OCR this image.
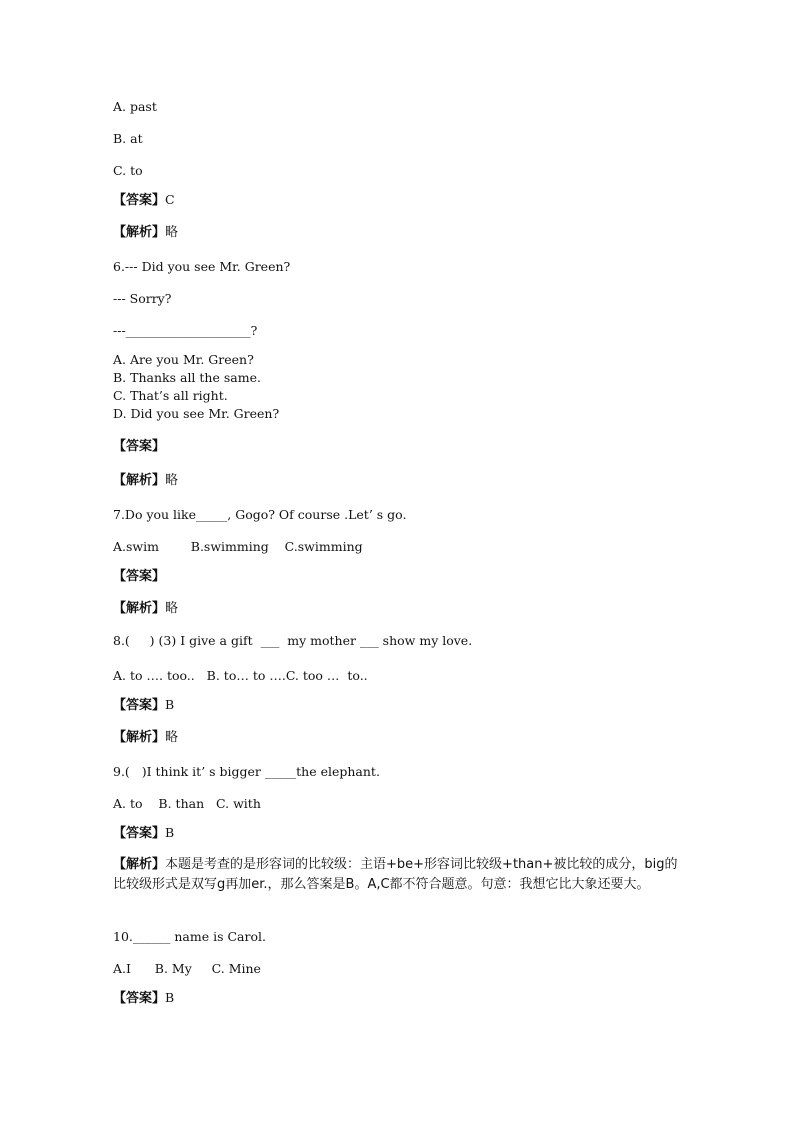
A. past
B. at
C. to
【答案】C
【解析】略
6.--- Did you see Mr. Green?
--- Sorry?
---____________________?
A. Are you Mr. Green?
B. Thanks all the same.
C. That’s all right.
D. Did you see Mr. Green?
【答案】
【解析】略
7.Do you like_____, Gogo? Of course .Let’ s go.
A.swim        B.swimming    C.swimming
【答案】
【解析】略
8.(     ) (3) I give a gift  ___  my mother ___ show my love.
A. to …. too..   B. to… to ….C. too …  to..
【答案】B
【解析】略
9.(   )I think it’ s bigger _____the elephant.
A. to    B. than   C. with
【答案】B
【解析】本题是考查的是形容词的比较级：主语+be+形容词比较级+than+被比较的成分，big的比较级形式是双写g再加er.，那么答案是B。A,C都不符合题意。句意：我想它比大象还要大。
10.______ name is Carol.
A.I      B. My     C. Mine
【答案】B
